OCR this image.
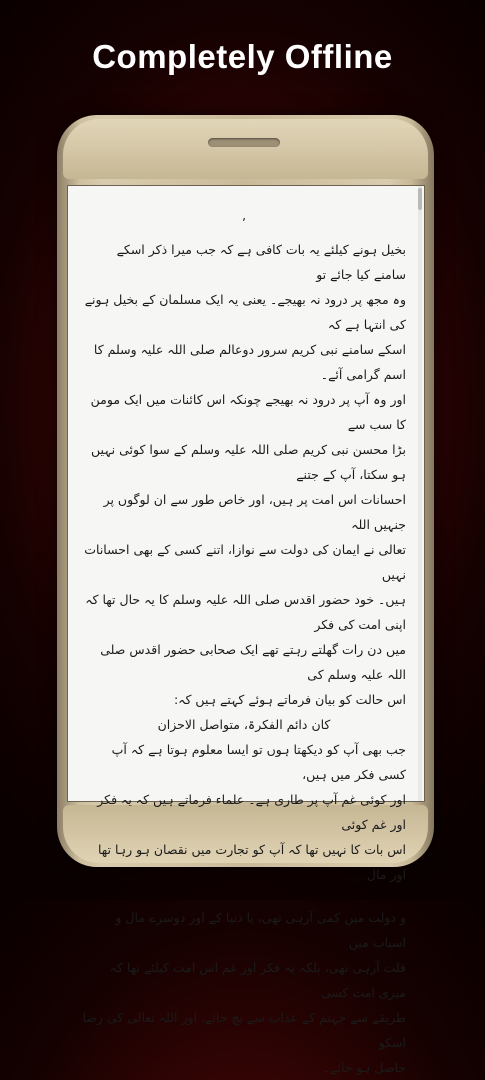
Completely Offline

٬

بخیل ہونے کیلئے یہ بات کافی ہے کہ جب میرا ذکر اسکے سامنے کیا جائے تو

وہ مجھ پر درود نہ بھیجے۔ یعنی یہ ایک مسلمان کے بخیل ہونے کی انتہا ہے کہ

اسکے سامنے نبی کریم سرور دوعالم صلی اللہ علیہ وسلم کا اسم گرامی آئے۔

اور وہ آپ پر درود نہ بھیجے چونکہ اس کائنات میں ایک مومن کا سب سے

بڑا محسن نبی کریم صلی اللہ علیہ وسلم کے سوا کوئی نہیں ہو سکتا، آپ کے جتنے

احسانات اس امت پر ہیں، اور خاص طور سے ان لوگوں پر جنہیں اللہ

تعالی نے ایمان کی دولت سے نوازا، اتنے کسی کے بھی احسانات نہیں

ہیں۔ خود حضور اقدس صلی اللہ علیہ وسلم کا یہ حال تھا کہ اپنی امت کی فکر

میں دن رات گھلتے رہتے تھے ایک صحابی حضور اقدس صلی اللہ علیہ وسلم کی

اس حالت کو بیان فرماتے ہوئے کہتے ہیں کہ:

کان دائم الفکرۃ، متواصل الاحزان

جب بھی آپ کو دیکھتا ہوں تو ایسا معلوم ہوتا ہے کہ آپ کسی فکر میں ہیں،

اور کوئی غم آپ پر طاری ہے۔ علماء فرماتے ہیں کہ یہ فکر اور غم کوئی

اس بات کا نہیں تھا کہ آپ کو تجارت میں نقصان ہو رہا تھا اور مال

و دولت میں کمی آرہی تھی، یا دنیا کے اور دوسرے مال و اسباب میں

قلت آرہی تھی، بلکہ یہ فکر اور غم اس امت کیلئے تھا کہ میری امت کسی

طریقے سے جہنم کے عذاب سے بچ جائے، اور اللہ تعالی کی رضا اسکو

حاصل ہو جائے۔
